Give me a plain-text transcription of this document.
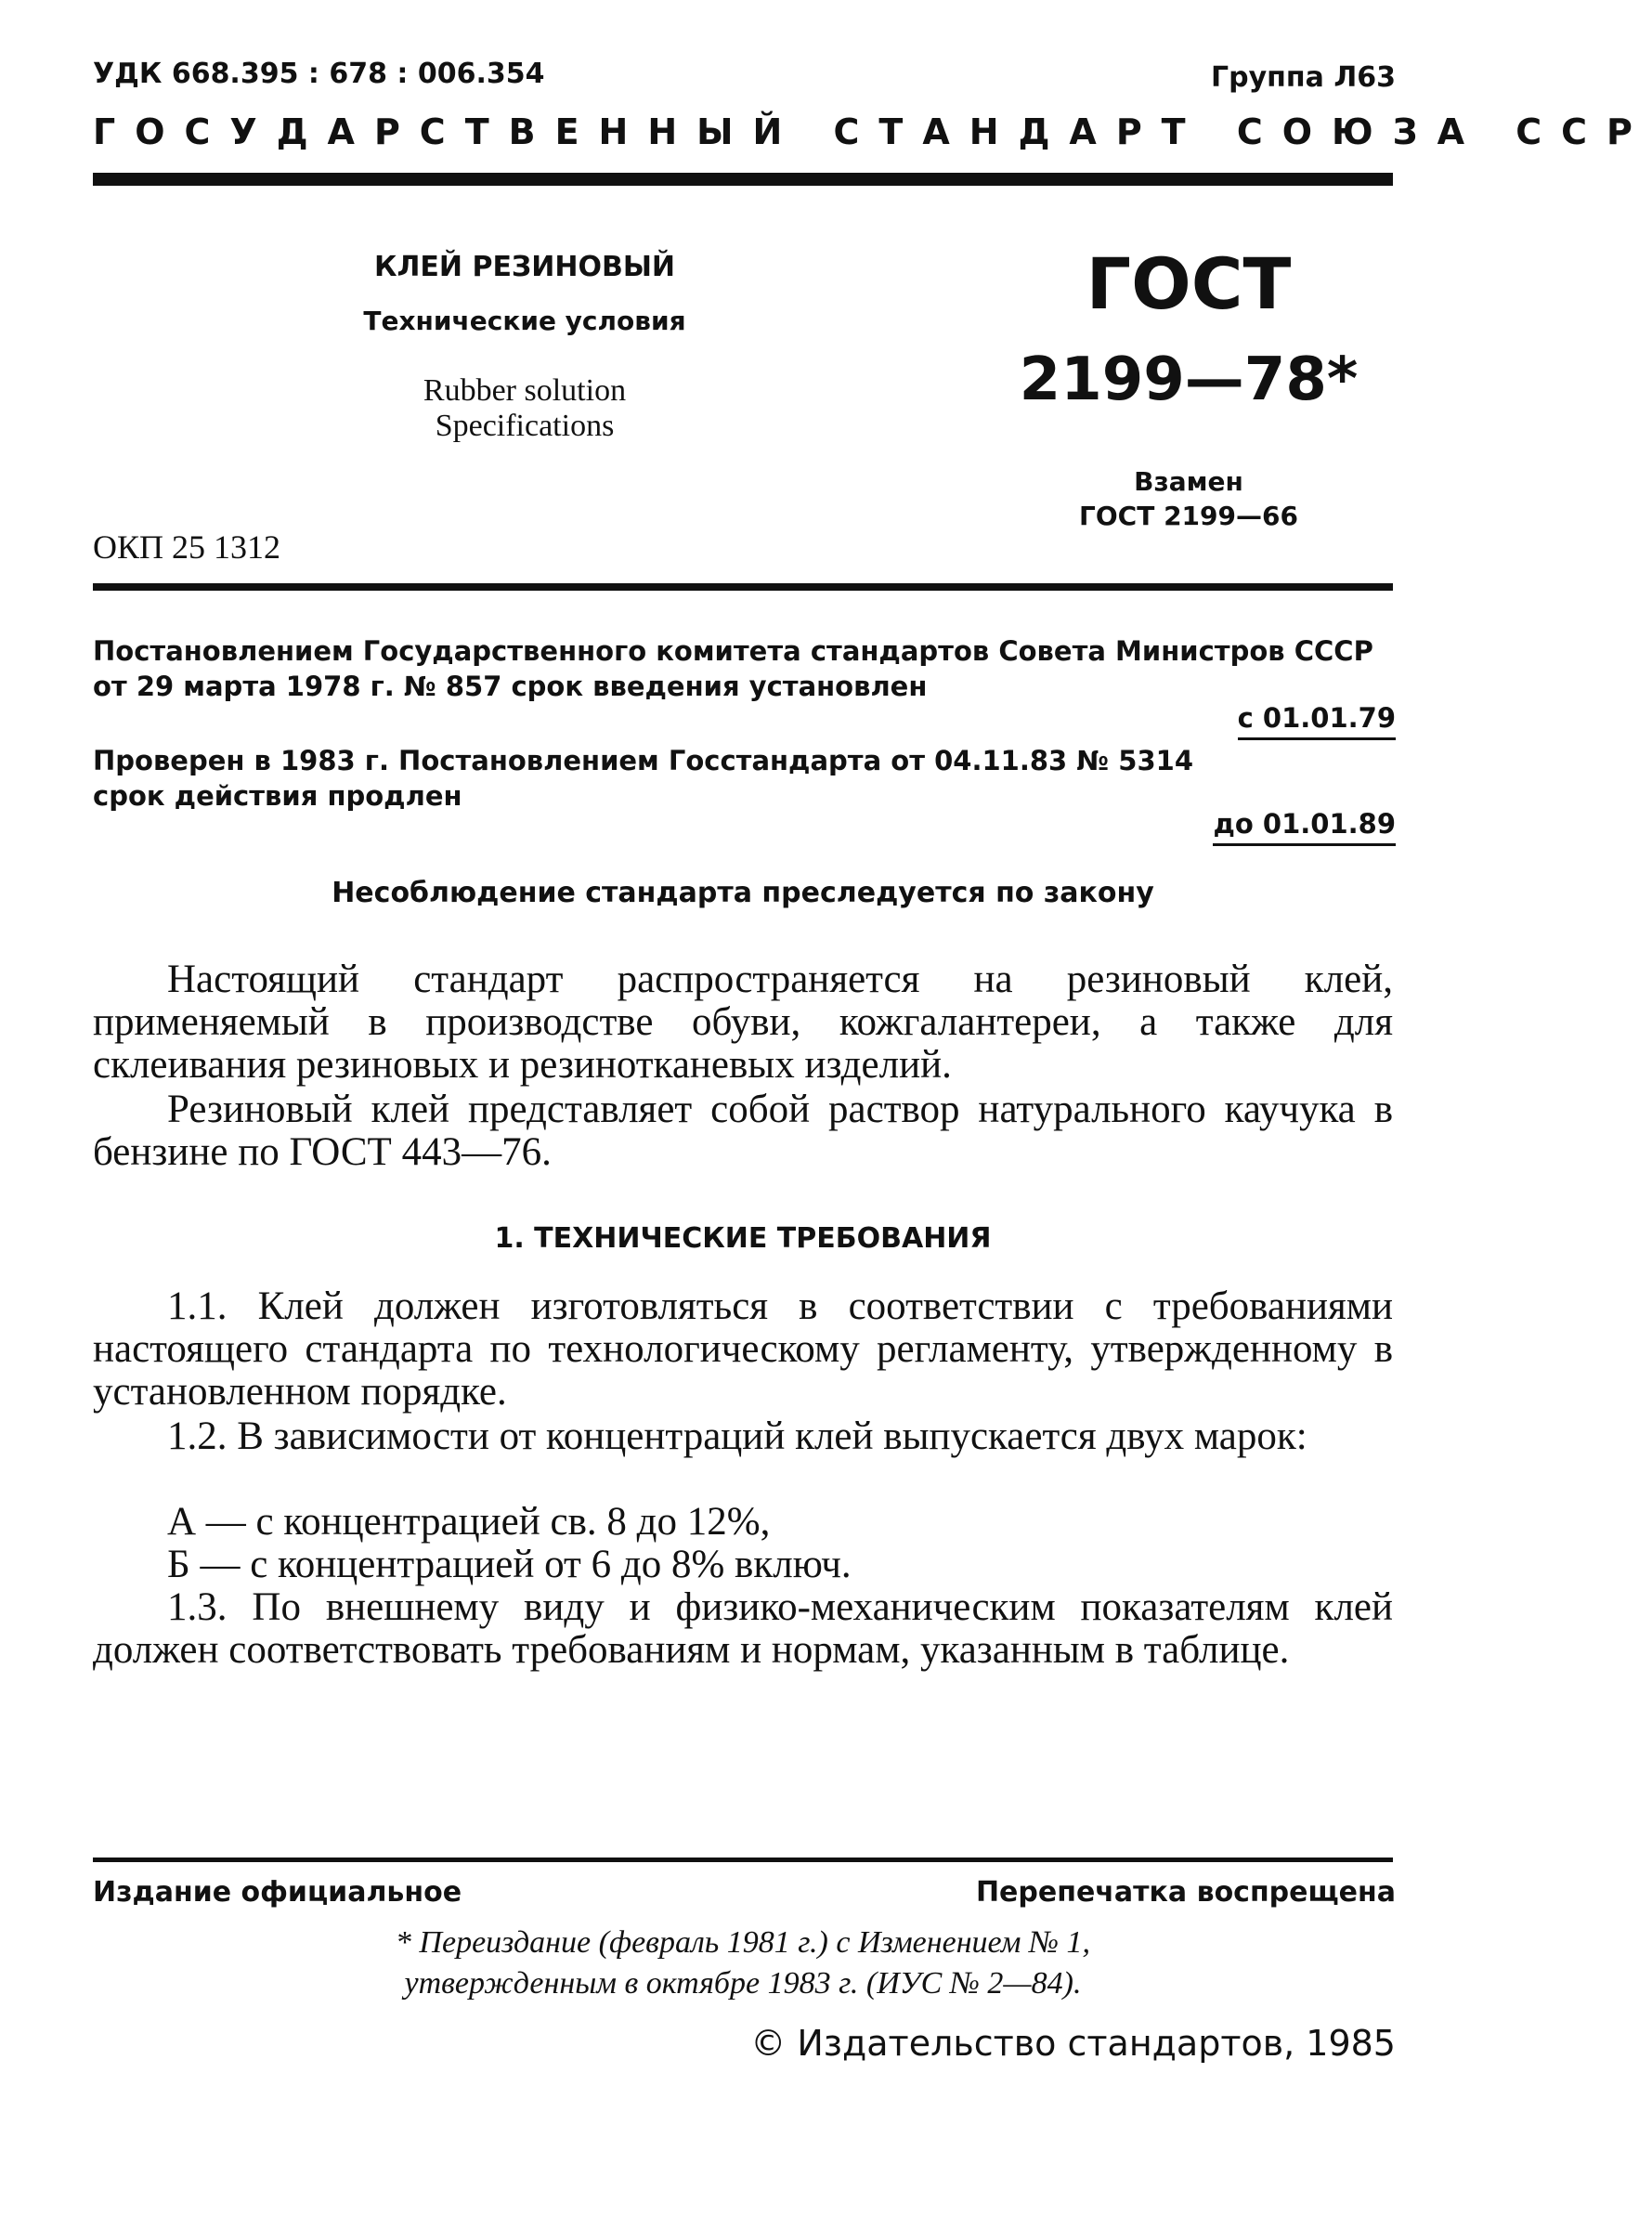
УДК 668.395 : 678 : 006.354	Группа Л63
ГОСУДАРСТВЕННЫЙ СТАНДАРТ СОЮЗА ССР
КЛЕЙ РЕЗИНОВЫЙ
Технические условия
Rubber solution
Specifications
ГОСТ
2199—78*
Взамен
ГОСТ 2199—66
ОКП 25 1312
Постановлением Государственного комитета стандартов Совета Министров СССР от 29 марта 1978 г. № 857 срок введения установлен
с 01.01.79
Проверен в 1983 г. Постановлением Госстандарта от 04.11.83 № 5314 срок действия продлен
до 01.01.89
Несоблюдение стандарта преследуется по закону

Настоящий стандарт распространяется на резиновый клей, применяемый в производстве обуви, кожгалантереи, а также для склеивания резиновых и резинотканевых изделий.

Резиновый клей представляет собой раствор натурального каучука в бензине по ГОСТ 443—76.

1. ТЕХНИЧЕСКИЕ ТРЕБОВАНИЯ

1.1. Клей должен изготовляться в соответствии с требованиями настоящего стандарта по технологическому регламенту, утвержденному в установленном порядке.

1.2. В зависимости от концентраций клей выпускается двух марок:

А — с концентрацией св. 8 до 12%,
Б — с концентрацией от 6 до 8% включ.

1.3. По внешнему виду и физико-механическим показателям клей должен соответствовать требованиям и нормам, указанным в таблице.

Издание официальное	Перепечатка воспрещена
* Переиздание (февраль 1981 г.) с Изменением № 1,
утвержденным в октябре 1983 г. (ИУС № 2—84).
© Издательство стандартов, 1985
